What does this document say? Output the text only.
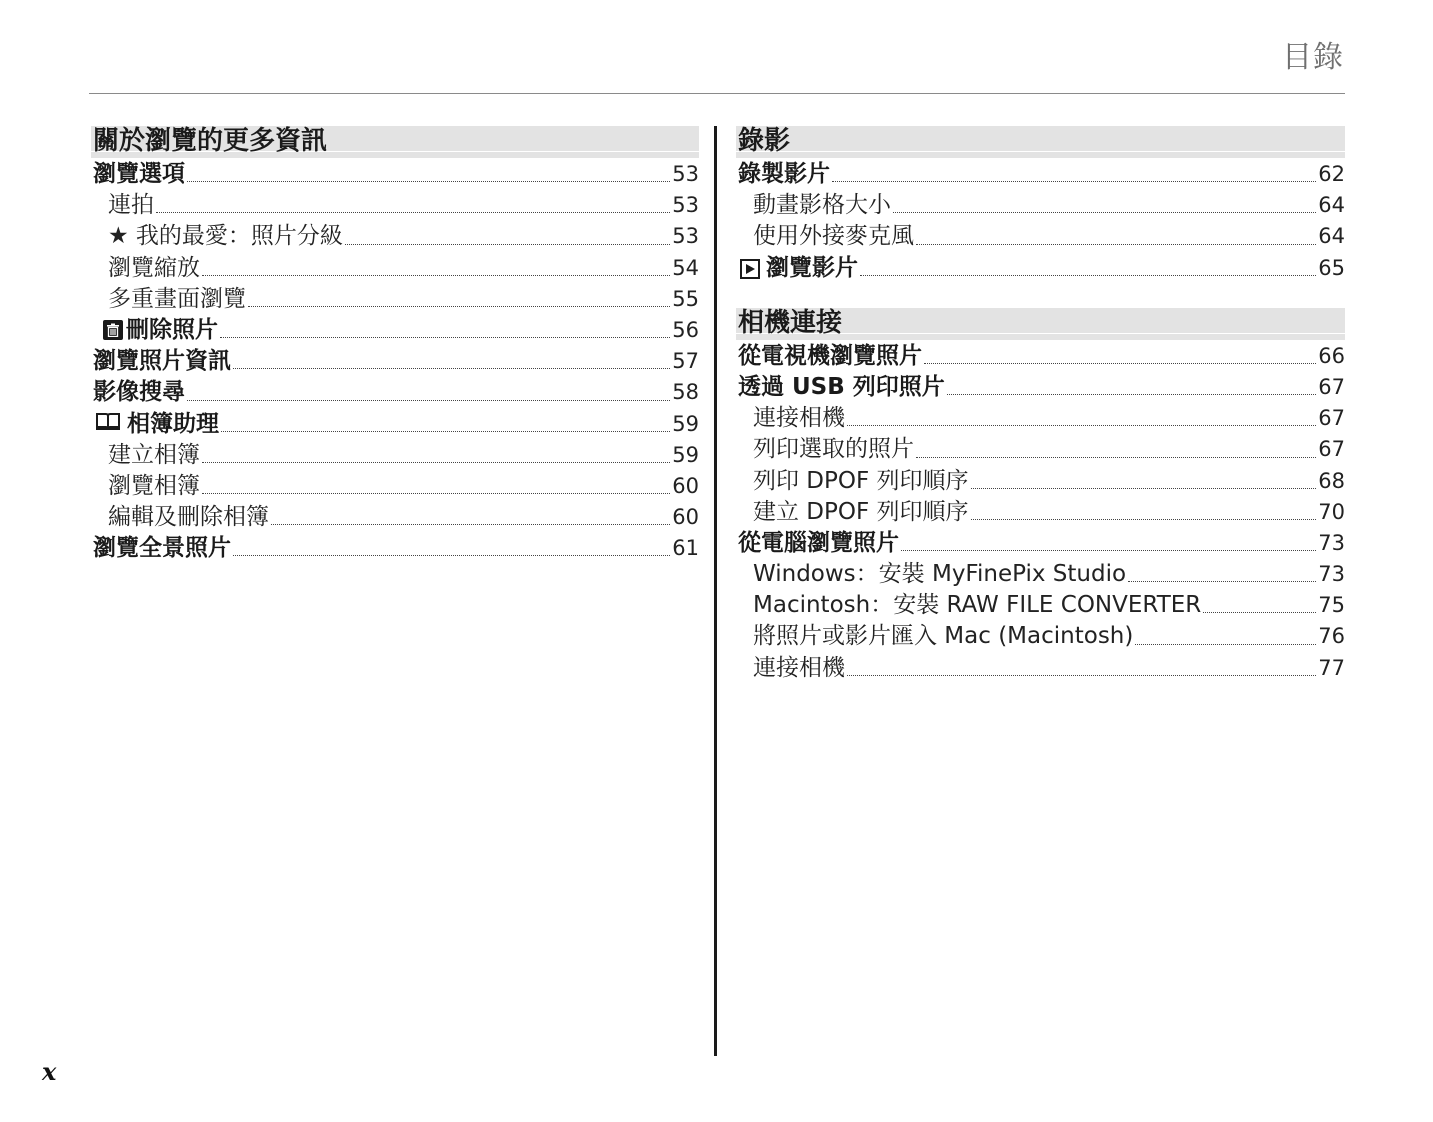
目錄
關於瀏覽的更多資訊
瀏覽選項	53
連拍	53
★ 我的最愛：照片分級	53
瀏覽縮放	54
多重畫面瀏覽	55
刪除照片	56
瀏覽照片資訊	57
影像搜尋	58
相簿助理	59
建立相簿	59
瀏覽相簿	60
編輯及刪除相簿	60
瀏覽全景照片	61
錄影
錄製影片	62
動畫影格大小	64
使用外接麥克風	64
瀏覽影片	65
相機連接
從電視機瀏覽照片	66
透過 USB 列印照片	67
連接相機	67
列印選取的照片	67
列印 DPOF 列印順序	68
建立 DPOF 列印順序	70
從電腦瀏覽照片	73
Windows：安裝 MyFinePix Studio	73
Macintosh：安裝 RAW FILE CONVERTER	75
將照片或影片匯入 Mac (Macintosh)	76
連接相機	77
x
